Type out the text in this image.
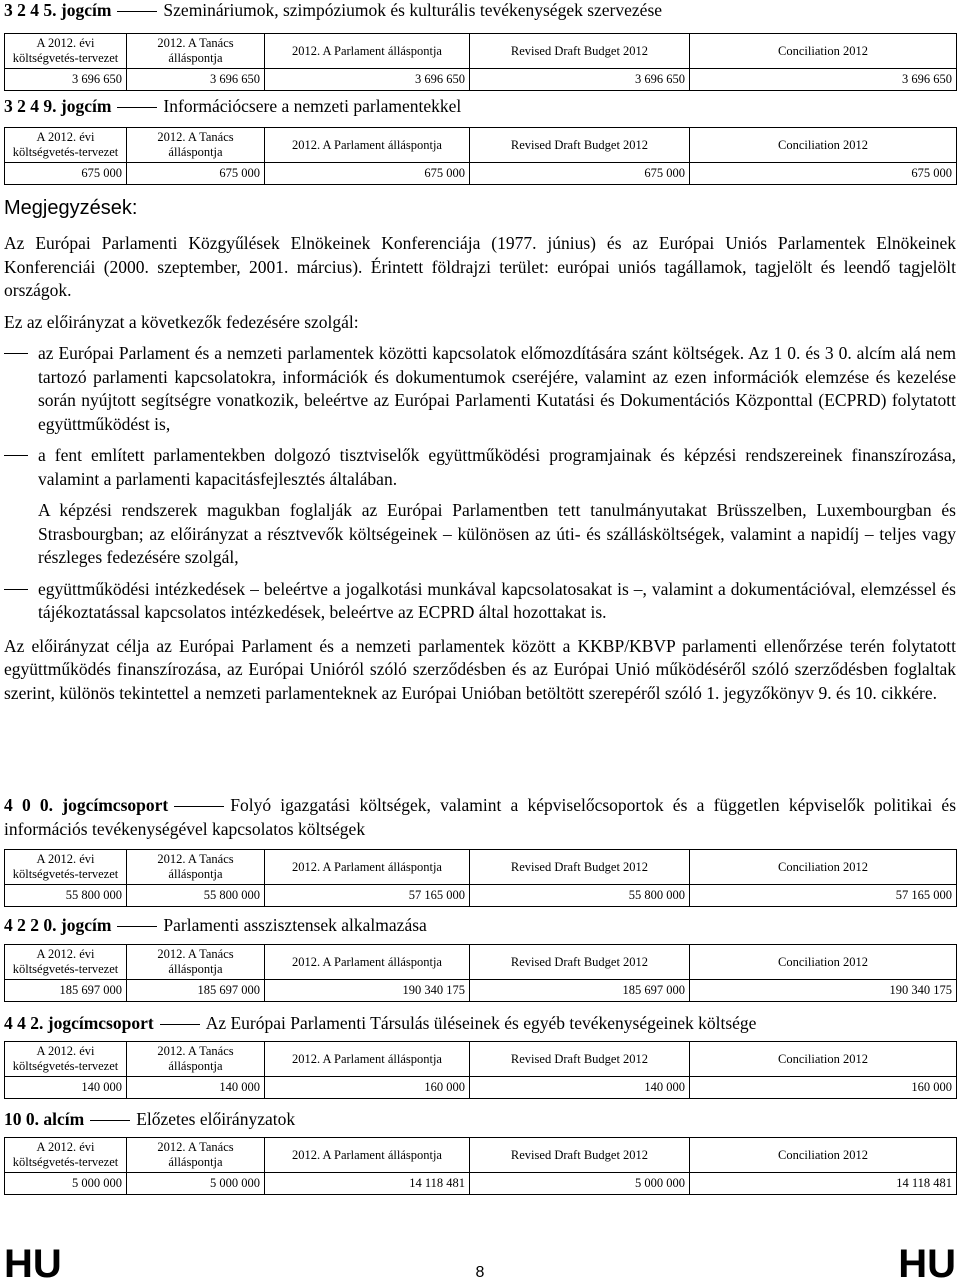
3 2 4 5. jogcím	Szemináriumok, szimpóziumok és kulturális tevékenységek szervezése
A 2012. évi költségvetés-tervezet	2012. A Tanács álláspontja	2012. A Parlament álláspontja	Revised Draft Budget 2012	Conciliation 2012
3 696 650	3 696 650	3 696 650	3 696 650	3 696 650
3 2 4 9. jogcím	Információcsere a nemzeti parlamentekkel
A 2012. évi költségvetés-tervezet	2012. A Tanács álláspontja	2012. A Parlament álláspontja	Revised Draft Budget 2012	Conciliation 2012
675 000	675 000	675 000	675 000	675 000
Megjegyzések:
Az Európai Parlamenti Közgyűlések Elnökeinek Konferenciája (1977. június) és az Európai Uniós Parlamentek Elnökeinek Konferenciái (2000. szeptember, 2001. március). Érintett földrajzi terület: európai uniós tagállamok, tagjelölt és leendő tagjelölt országok.
Ez az előirányzat a következők fedezésére szolgál:
az Európai Parlament és a nemzeti parlamentek közötti kapcsolatok előmozdítására szánt költségek. Az 1 0. és 3 0. alcím alá nem tartozó parlamenti kapcsolatokra, információk és dokumentumok cseréjére, valamint az ezen információk elemzése és kezelése során nyújtott segítségre vonatkozik, beleértve az Európai Parlamenti Kutatási és Dokumentációs Központtal (ECPRD) folytatott együttműködést is,
a fent említett parlamentekben dolgozó tisztviselők együttműködési programjainak és képzési rendszereinek finanszírozása, valamint a parlamenti kapacitásfejlesztés általában.
A képzési rendszerek magukban foglalják az Európai Parlamentben tett tanulmányutakat Brüsszelben, Luxembourgban és Strasbourgban; az előirányzat a résztvevők költségeinek – különösen az úti- és szállásköltségek, valamint a napidíj – teljes vagy részleges fedezésére szolgál,
együttműködési intézkedések – beleértve a jogalkotási munkával kapcsolatosakat is –, valamint a dokumentációval, elemzéssel és tájékoztatással kapcsolatos intézkedések, beleértve az ECPRD által hozottakat is.
Az előirányzat célja az Európai Parlament és a nemzeti parlamentek között a KKBP/KBVP parlamenti ellenőrzése terén folytatott együttműködés finanszírozása, az Európai Unióról szóló szerződésben és az Európai Unió működéséről szóló szerződésben foglaltak szerint, különös tekintettel a nemzeti parlamenteknek az Európai Unióban betöltött szerepéről szóló 1. jegyzőkönyv 9. és 10. cikkére.
4 0 0. jogcímcsoport	Folyó igazgatási költségek, valamint a képviselőcsoportok és a független képviselők politikai és információs tevékenységével kapcsolatos költségek
A 2012. évi költségvetés-tervezet	2012. A Tanács álláspontja	2012. A Parlament álláspontja	Revised Draft Budget 2012	Conciliation 2012
55 800 000	55 800 000	57 165 000	55 800 000	57 165 000
4 2 2 0. jogcím	Parlamenti asszisztensek alkalmazása
A 2012. évi költségvetés-tervezet	2012. A Tanács álláspontja	2012. A Parlament álláspontja	Revised Draft Budget 2012	Conciliation 2012
185 697 000	185 697 000	190 340 175	185 697 000	190 340 175
4 4 2. jogcímcsoport	Az Európai Parlamenti Társulás üléseinek és egyéb tevékenységeinek költsége
A 2012. évi költségvetés-tervezet	2012. A Tanács álláspontja	2012. A Parlament álláspontja	Revised Draft Budget 2012	Conciliation 2012
140 000	140 000	160 000	140 000	160 000
10 0. alcím	Előzetes előirányzatok
A 2012. évi költségvetés-tervezet	2012. A Tanács álláspontja	2012. A Parlament álláspontja	Revised Draft Budget 2012	Conciliation 2012
5 000 000	5 000 000	14 118 481	5 000 000	14 118 481
HU	8	HU
